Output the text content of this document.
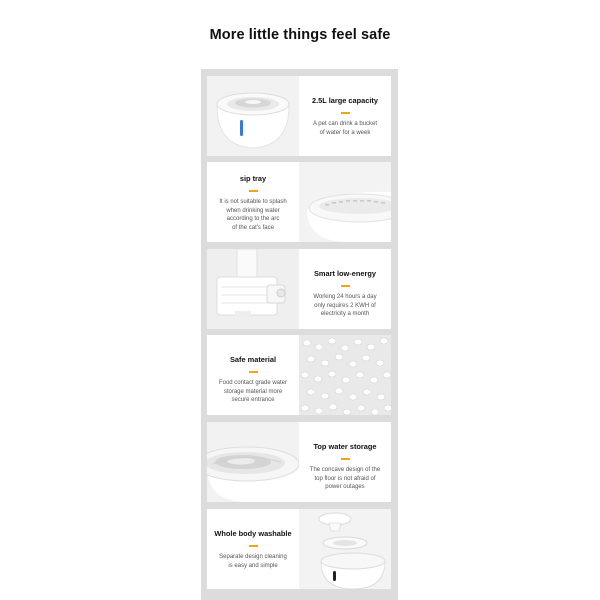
More little things feel safe
2.5L large capacity
A pet can drink a bucket
of water for a week
sip tray
It is not suitable to splash
when drinking water
according to the arc
of the cat's face
Smart low-energy
Working 24 hours a day
only requires 2 KWH of
electricity a month
Safe material
Food contact grade water
storage material more
secure entrance
Top water storage
The concave design of the
top floor is not afraid of
power outages
Whole body washable
Separate design cleaning
is easy and simple
